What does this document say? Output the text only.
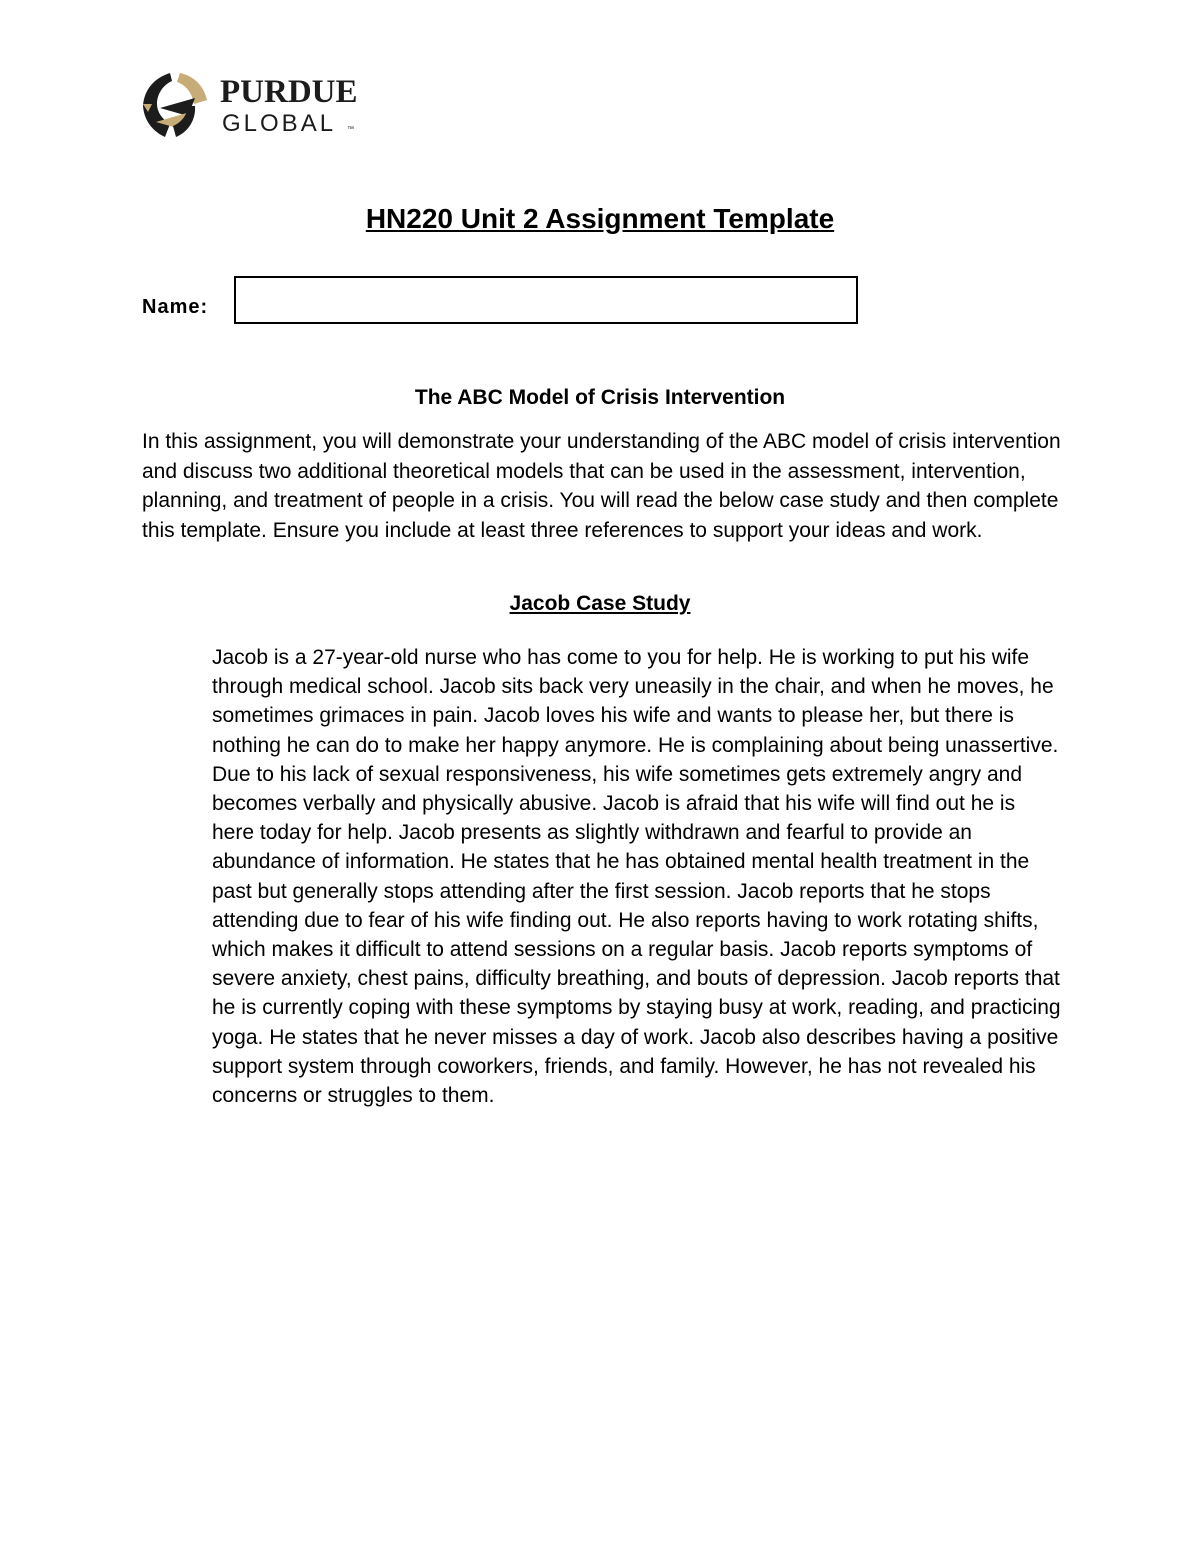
PURDUE
GLOBAL ™
HN220 Unit 2 Assignment Template
Name:
The ABC Model of Crisis Intervention

In this assignment, you will demonstrate your understanding of the ABC model of crisis intervention and discuss two additional theoretical models that can be used in the assessment, intervention, planning, and treatment of people in a crisis. You will read the below case study and then complete this template. Ensure you include at least three references to support your ideas and work.

Jacob Case Study

Jacob is a 27-year-old nurse who has come to you for help. He is working to put his wife through medical school. Jacob sits back very uneasily in the chair, and when he moves, he sometimes grimaces in pain. Jacob loves his wife and wants to please her, but there is nothing he can do to make her happy anymore. He is complaining about being unassertive. Due to his lack of sexual responsiveness, his wife sometimes gets extremely angry and becomes verbally and physically abusive. Jacob is afraid that his wife will find out he is here today for help. Jacob presents as slightly withdrawn and fearful to provide an abundance of information. He states that he has obtained mental health treatment in the past but generally stops attending after the first session. Jacob reports that he stops attending due to fear of his wife finding out. He also reports having to work rotating shifts, which makes it difficult to attend sessions on a regular basis. Jacob reports symptoms of severe anxiety, chest pains, difficulty breathing, and bouts of depression. Jacob reports that he is currently coping with these symptoms by staying busy at work, reading, and practicing yoga. He states that he never misses a day of work. Jacob also describes having a positive support system through coworkers, friends, and family. However, he has not revealed his concerns or struggles to them.
